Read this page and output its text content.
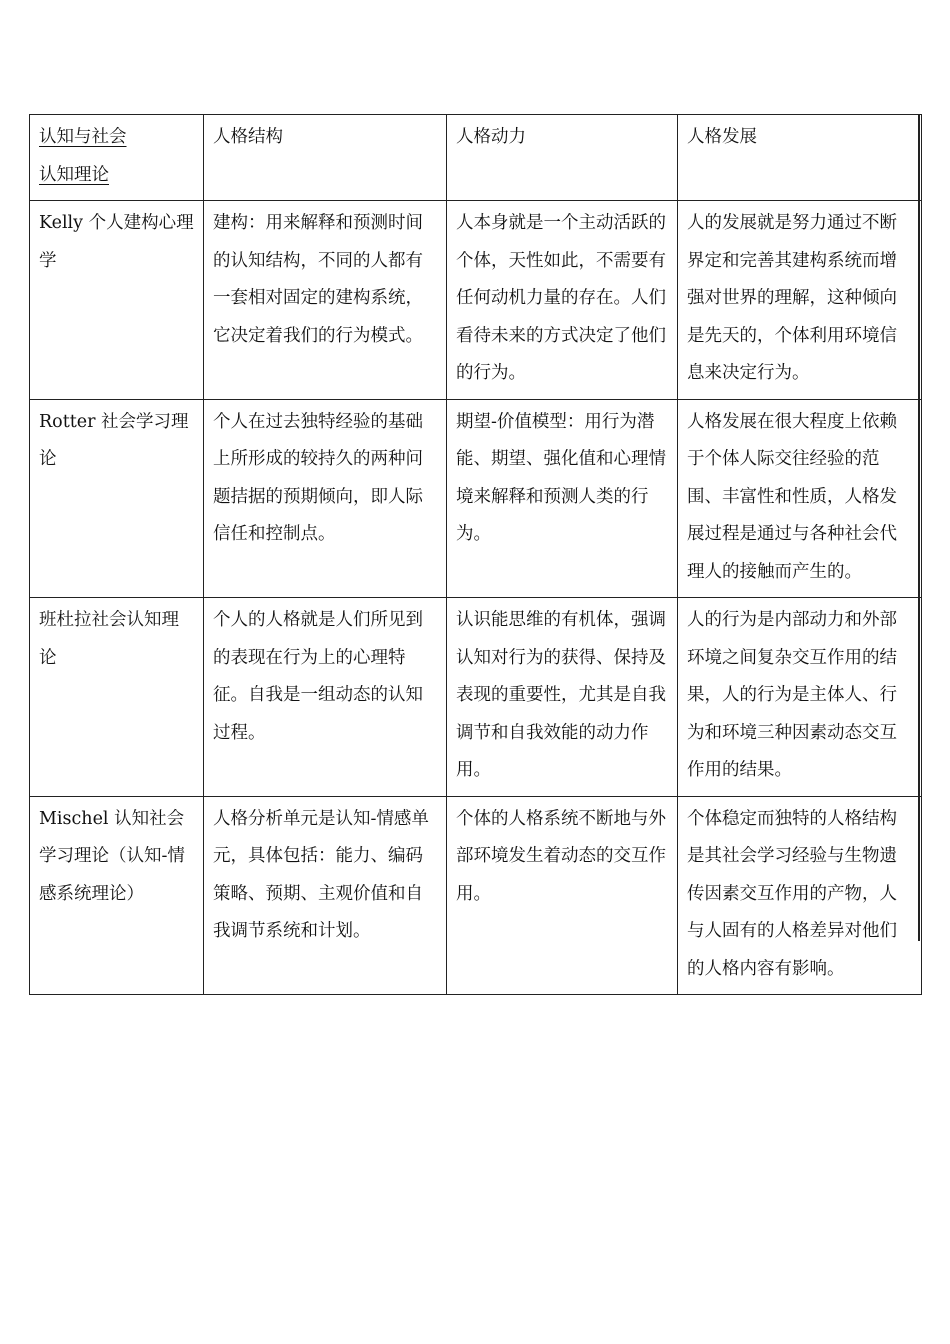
认知与社会
认知理论	人格结构	人格动力	人格发展
Kelly 个人建构心理学	建构：用来解释和预测时间的认知结构，不同的人都有一套相对固定的建构系统，它决定着我们的行为模式。	人本身就是一个主动活跃的个体，天性如此，不需要有任何动机力量的存在。人们看待未来的方式决定了他们的行为。	人的发展就是努力通过不断界定和完善其建构系统而增强对世界的理解，这种倾向是先天的，个体利用环境信息来决定行为。
Rotter 社会学习理论	个人在过去独特经验的基础上所形成的较持久的两种问题拮据的预期倾向，即人际信任和控制点。	期望-价值模型：用行为潜能、期望、强化值和心理情境来解释和预测人类的行为。	人格发展在很大程度上依赖于个体人际交往经验的范围、丰富性和性质，人格发展过程是通过与各种社会代理人的接触而产生的。
班杜拉社会认知理论	个人的人格就是人们所见到的表现在行为上的心理特征。自我是一组动态的认知过程。	认识能思维的有机体，强调认知对行为的获得、保持及表现的重要性，尤其是自我调节和自我效能的动力作用。	人的行为是内部动力和外部环境之间复杂交互作用的结果，人的行为是主体人、行为和环境三种因素动态交互作用的结果。
Mischel 认知社会学习理论（认知-情感系统理论）	人格分析单元是认知-情感单元，具体包括：能力、编码策略、预期、主观价值和自我调节系统和计划。	个体的人格系统不断地与外部环境发生着动态的交互作用。	个体稳定而独特的人格结构是其社会学习经验与生物遗传因素交互作用的产物，人与人固有的人格差异对他们的人格内容有影响。
